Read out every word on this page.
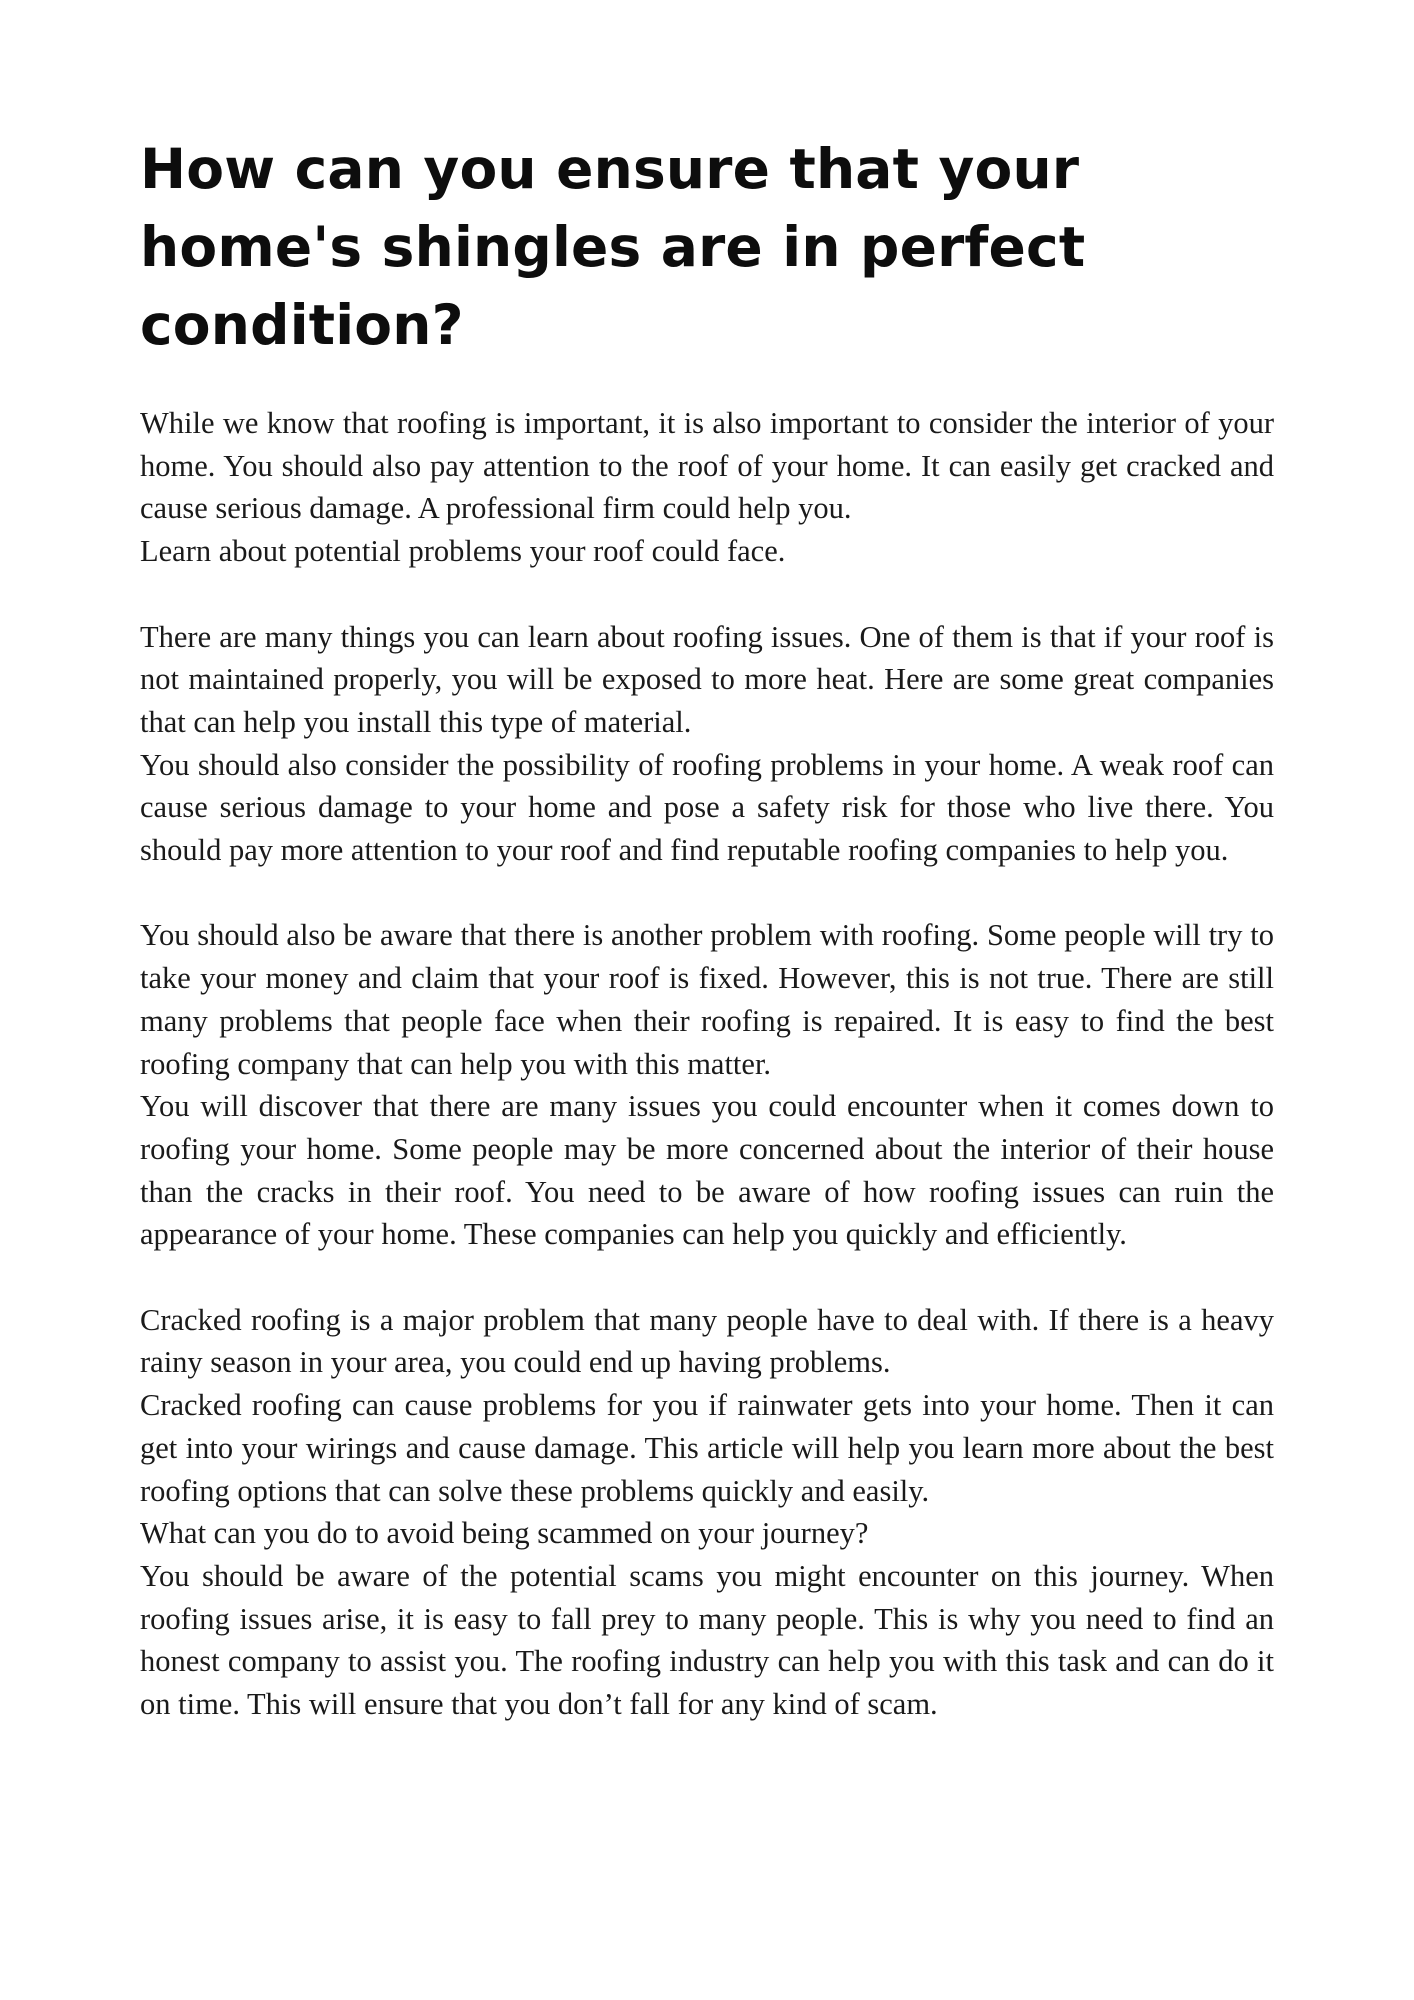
How can you ensure that your home's shingles are in perfect condition?

While we know that roofing is important, it is also important to consider the interior of your home. You should also pay attention to the roof of your home. It can easily get cracked and cause serious damage. A professional firm could help you.

Learn about potential problems your roof could face.

There are many things you can learn about roofing issues. One of them is that if your roof is not maintained properly, you will be exposed to more heat. Here are some great companies that can help you install this type of material.

You should also consider the possibility of roofing problems in your home. A weak roof can cause serious damage to your home and pose a safety risk for those who live there. You should pay more attention to your roof and find reputable roofing companies to help you.

You should also be aware that there is another problem with roofing. Some people will try to take your money and claim that your roof is fixed. However, this is not true. There are still many problems that people face when their roofing is repaired. It is easy to find the best roofing company that can help you with this matter.

You will discover that there are many issues you could encounter when it comes down to roofing your home. Some people may be more concerned about the interior of their house than the cracks in their roof. You need to be aware of how roofing issues can ruin the appearance of your home. These companies can help you quickly and efficiently.

Cracked roofing is a major problem that many people have to deal with. If there is a heavy rainy season in your area, you could end up having problems.

Cracked roofing can cause problems for you if rainwater gets into your home. Then it can get into your wirings and cause damage. This article will help you learn more about the best roofing options that can solve these problems quickly and easily.

What can you do to avoid being scammed on your journey?

You should be aware of the potential scams you might encounter on this journey. When roofing issues arise, it is easy to fall prey to many people. This is why you need to find an honest company to assist you. The roofing industry can help you with this task and can do it on time. This will ensure that you don’t fall for any kind of scam.
